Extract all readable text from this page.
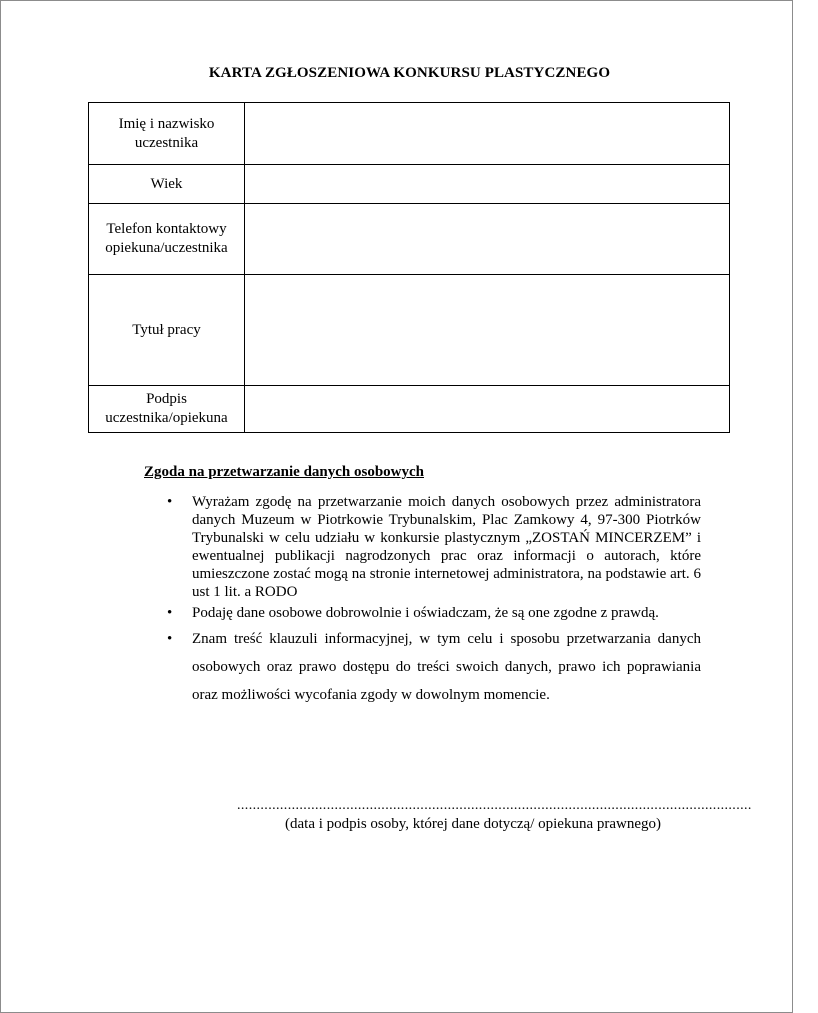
KARTA ZGŁOSZENIOWA KONKURSU PLASTYCZNEGO
Imię i nazwisko uczestnika	
Wiek	
Telefon kontaktowy opiekuna/uczestnika	
Tytuł pracy	
Podpis uczestnika/opiekuna	
Zgoda na przetwarzanie danych osobowych
• Wyrażam zgodę na przetwarzanie moich danych osobowych przez administratora danych Muzeum w Piotrkowie Trybunalskim, Plac Zamkowy 4, 97-300 Piotrków Trybunalski w celu udziału w konkursie plastycznym „ZOSTAŃ MINCERZEM” i ewentualnej publikacji nagrodzonych prac oraz informacji o autorach, które umieszczone zostać mogą na stronie internetowej administratora, na podstawie art. 6 ust 1 lit. a RODO
• Podaję dane osobowe dobrowolnie i oświadczam, że są one zgodne z prawdą.
• Znam treść klauzuli informacyjnej, w tym celu i sposobu przetwarzania danych osobowych oraz prawo dostępu do treści swoich danych, prawo ich poprawiania oraz możliwości wycofania zgody w dowolnym momencie.
....................................................................................................................................
(data i podpis osoby, której dane dotyczą/ opiekuna prawnego)
